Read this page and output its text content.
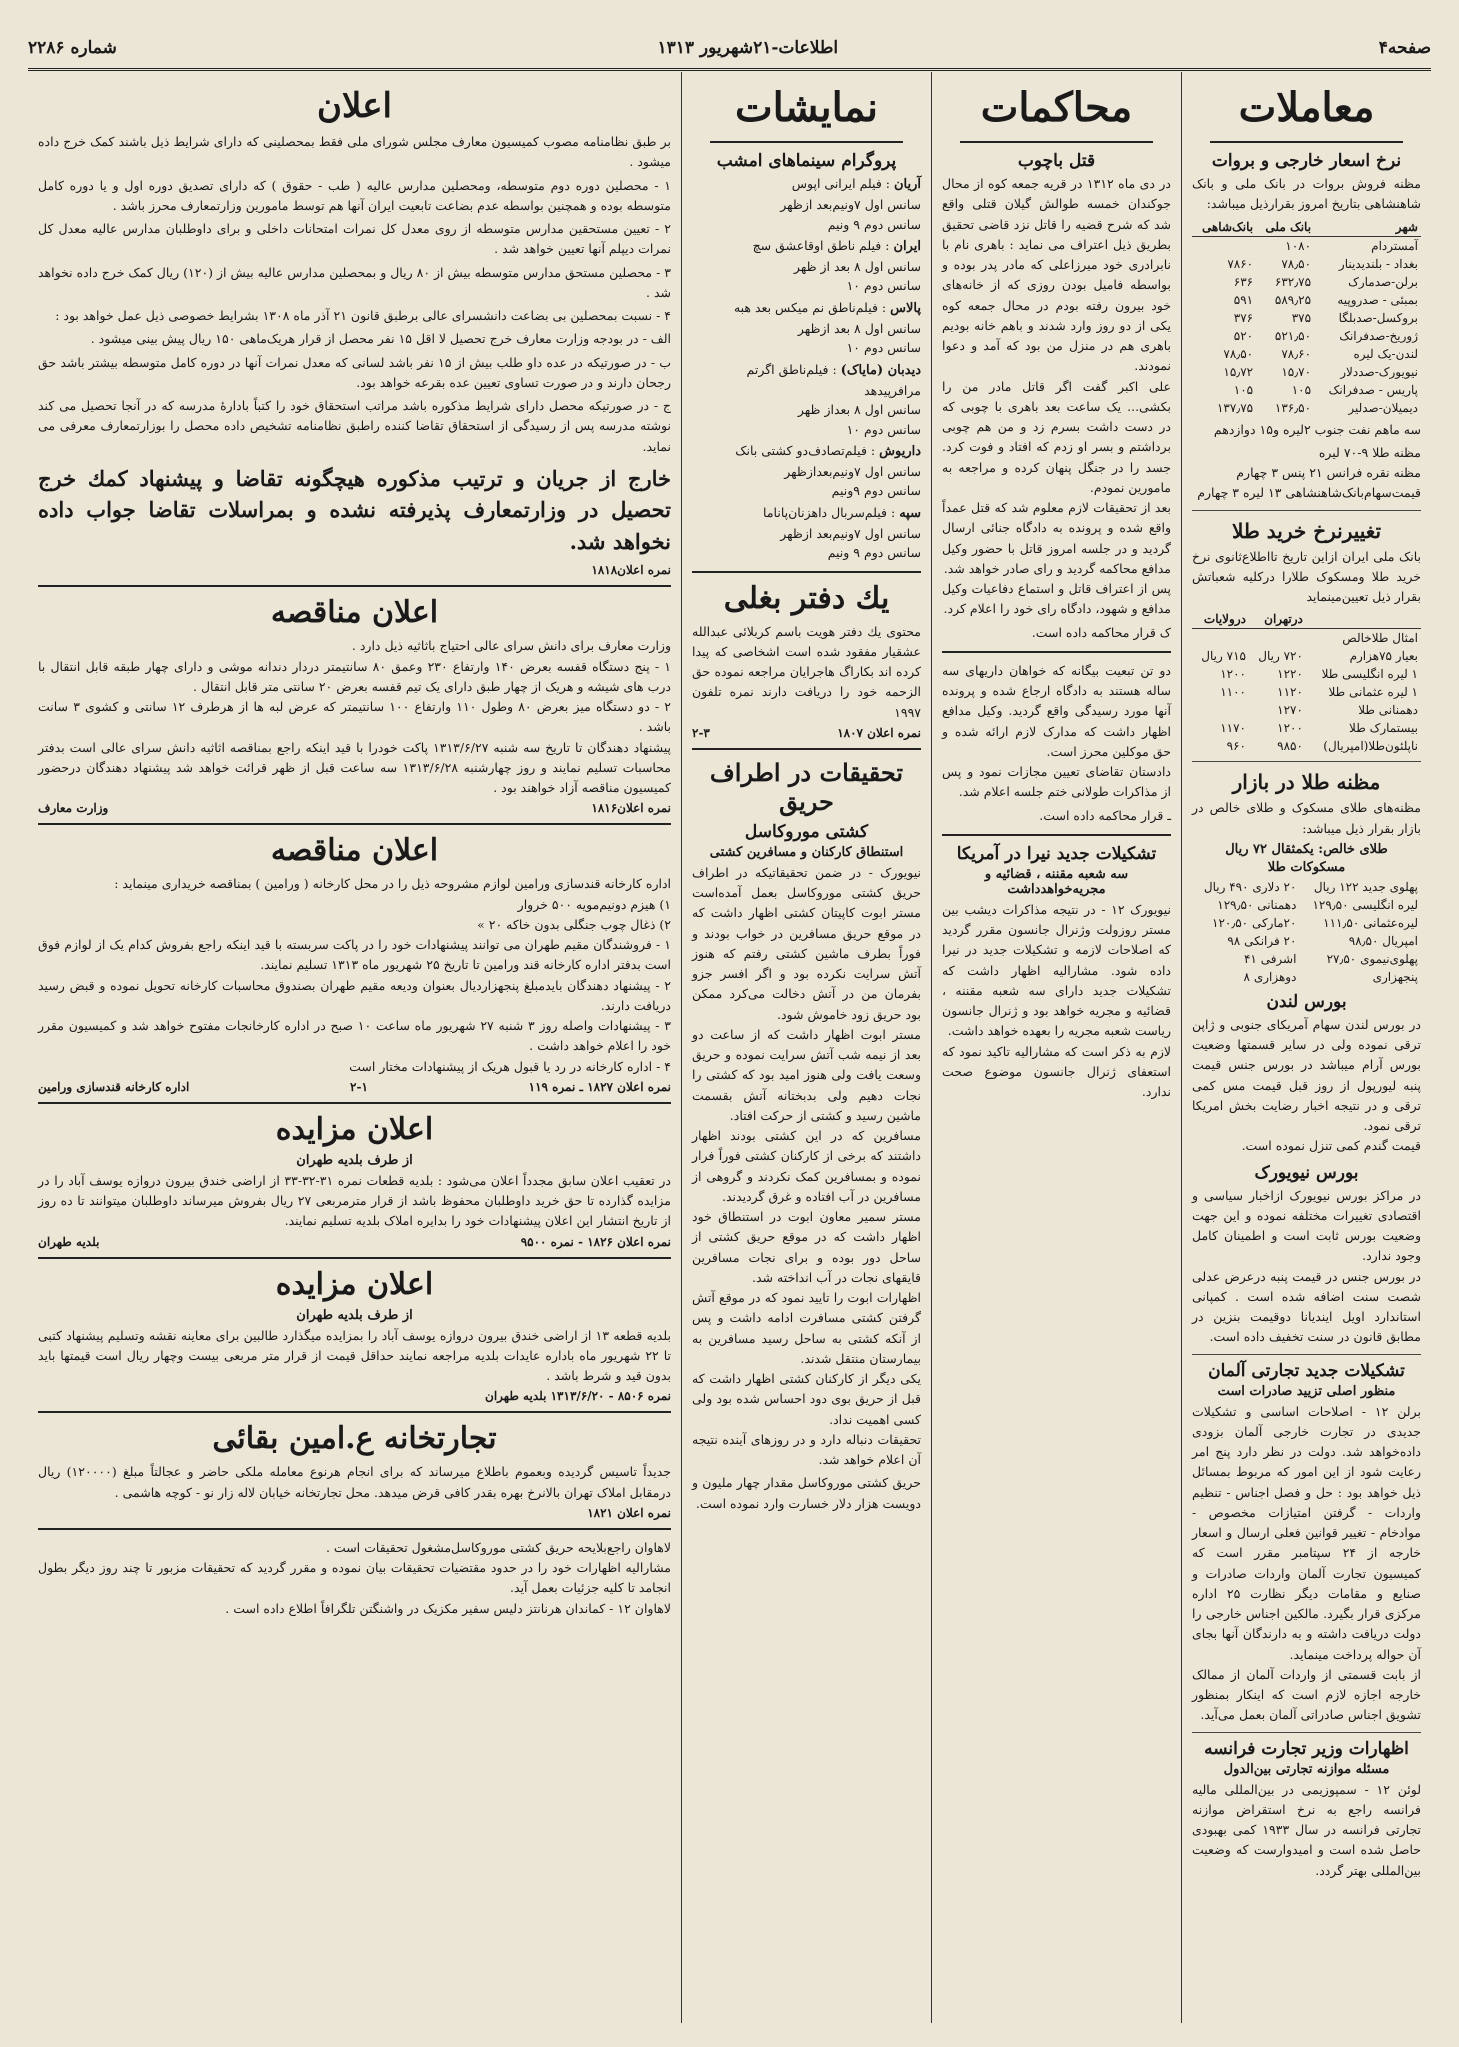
صفحه۴
اطلاعات-۲۱شهریور ۱۳۱۳
شماره ۲۲۸۶
معاملات
نرخ اسعار خارجی و بروات
مظنه فروش بروات در بانک ملی و بانک شاهنشاهی بتاریخ امروز بقرارذیل میباشد:
شهر	بانک ملی	بانک‌شاهی
آمستردام	۱۰۸۰	
بغداد - بلندیدینار	۷۸٫۵۰	۷۸۶۰
برلن-صدمارک	۶۳۲٫۷۵	۶۳۶
بمبئی - صدروپیه	۵۸۹٫۲۵	۵۹۱
بروکسل-صدبلگا	۳۷۵	۳۷۶
ژوریخ-صدفرانک	۵۲۱٫۵۰	۵۲۰
لندن-یک لیره	۷۸٫۶۰	۷۸٫۵۰
نیویورک-صددلار	۱۵٫۷۰	۱۵٫۷۲
پاریس - صدفرانک	۱۰۵	۱۰۵
دیمیلان-صدلیر	۱۳۶٫۵۰	۱۳۷٫۷۵
سه ماهم نفت جنوب ۲لیره و۱۵ دوازدهم
مظنه طلا ۹-۷۰ لیره
مظنه نقره فرانس ۲۱ پنس ۳ چهارم
قیمت‌سهام‌بانک‌شاهنشاهی ۱۳ لیره ۳ چهارم
تغییرنرخ خرید طلا
بانک ملی ایران ازاین تاریخ تااطلاع‌ثانوی نرخ خرید طلا ومسکوک طلارا درکلیه شعباتش بقرار ذیل تعیین‌مینماید
	درتهران	درولایات
امثال طلاخالص		
بعیار ۷۵هزارم	۷۲۰ ریال	۷۱۵ ریال
۱ لیره انگلیسی طلا	۱۲۲۰	۱۲۰۰
۱ لیره عثمانی طلا	۱۱۲۰	۱۱۰۰
دهمنانی طلا	۱۲۷۰	
بیستمارک طلا	۱۲۰۰	۱۱۷۰
ناپلئون‌طلا(امپریال)	۹۸۵۰	۹۶۰
مظنه طلا در بازار
مظنه‌های طلای مسکوک و طلای خالص در بازار بقرار ذیل میباشد:
طلای خالص: یکمثقال ۷۲ ریال
مسکوکات طلا
پهلوی جدید ۱۲۲ ریال	۲۰ دلاری ۴۹۰ ریال
لیره انگلیسی ۱۲۹٫۵۰	دهمنانی ۱۲۹٫۵۰
لیره‌عثمانی ۱۱۱٫۵۰	۲۰مارکی ۱۲۰٫۵۰
امپریال ۹۸٫۵۰	۲۰ فرانکی ۹۸
پهلوی‌نیموی ۲۷٫۵۰	اشرفی ۴۱
پنجهزاری	دوهزاری ۸
بورس لندن
در بورس لندن سهام آمریکای جنوبی و ژاپن ترقی نموده ولی در سایر قسمتها وضعیت بورس آرام میباشد در بورس جنس قیمت پنبه لیورپول از روز قبل قیمت مس کمی ترقی و در نتیجه اخبار رضایت بخش امریکا ترقی نمود.
قیمت گندم کمی تنزل نموده است.
بورس نیویورک
در مراکز بورس نیویورک ازاخبار سیاسی و اقتصادی تغییرات مختلفه نموده و این جهت وضعیت بورس ثابت است و اطمینان کامل وجود ندارد.
در بورس جنس در قیمت پنبه درعرض عدلی شصت سنت اضافه شده است . کمپانی استاندارد اویل ایندیانا دوقیمت بنزین در مطابق قانون در سنت تخفیف داده است.
تشکیلات جدید تجارتی آلمان
منظور اصلی تزیید صادرات است
برلن ۱۲ - اصلاحات اساسی و تشکیلات جدیدی در تجارت خارجی آلمان بزودی داده‌خواهد شد. دولت در نظر دارد پنج امر رعایت شود از این امور که مربوط بمسائل ذیل خواهد بود : حل و فصل اجناس - تنظیم واردات - گرفتن امتیازات مخصوص - مواد‌خام - تغییر قوانین فعلی ارسال و اسعار خارجه از ۲۴ سپتامبر مقرر است که کمیسیون تجارت آلمان واردات صادرات و صنایع و مقامات دیگر نظارت ۲۵ اداره مرکزی قرار بگیرد. مالکین اجناس خارجی را دولت دریافت داشته و به دارندگان آنها بجای آن حواله پرداخت مینماید.
از بابت قسمتی از واردات آلمان از ممالک خارجه اجازه لازم است که اینکار بمنظور تشویق اجناس صادراتی آلمان بعمل می‌آید.
اظهارات وزیر تجارت فرانسه
مسئله موازنه تجارتی بین‌الدول
لوئن ۱۲ - سمپوزیمی در بین‌المللی مالیه فرانسه راجع به نرخ استقراض موازنه تجارتی فرانسه در سال ۱۹۳۳ کمی بهبودی حاصل شده است و امیدوارست که وضعیت بین‌المللی بهتر گردد.
محاکمات
قتل باچوب
در دی ماه ۱۳۱۲ در قریه جمعه کوه از محال جوکندان خمسه طوالش گیلان قتلی واقع شد که شرح قضیه را قاتل نزد قاضی تحقیق بطریق ذیل اعتراف می نماید : باهری نام با نابرادری خود میرزاعلی که مادر پدر بوده و بواسطه فامیل بودن روزی که از خانه‌های خود بیرون رفته بودم در محال جمعه کوه یکی از دو روز وارد شدند و باهم خانه بودیم باهری هم در منزل من بود که آمد و دعوا نمودند.
علی اکبر گفت اگر قاتل مادر من را بکشی... یک ساعت بعد باهری با چوبی که در دست داشت بسرم زد و من هم چوبی برداشتم و بسر او زدم که افتاد و فوت کرد. جسد را در جنگل پنهان کرده و مراجعه به مامورین نمودم.
بعد از تحقیقات لازم معلوم شد که قتل عمداً واقع شده و پرونده به دادگاه جنائی ارسال گردید و در جلسه امروز قاتل با حضور وکیل مدافع محاکمه گردید و رای صادر خواهد شد.
پس از اعتراف قاتل و استماع دفاعیات وکیل مدافع و شهود، دادگاه رای خود را اعلام کرد.
ک قرار محاکمه داده است.
دو تن تبعیت بیگانه که خواهان داریهای سه ساله هستند به دادگاه ارجاع شده و پرونده آنها مورد رسیدگی واقع گردید. وکیل مدافع اظهار داشت که مدارک لازم ارائه شده و حق موکلین محرز است.
دادستان تقاضای تعیین مجازات نمود و پس از مذاکرات طولانی ختم جلسه اعلام شد.
ـ قرار محاکمه داده است.
تشکیلات جدید نیرا در آمریکا
سه شعبه مقننه ، قضائیه و مجریه‌خواهدداشت
نیویورک ۱۲ - در نتیجه مذاکرات دیشب بین مستر روزولت وژنرال جانسون مقرر گردید که اصلاحات لازمه و تشکیلات جدید در نیرا داده شود. مشارالیه اظهار داشت که تشکیلات جدید دارای سه شعبه مقننه ، قضائیه و مجریه خواهد بود و ژنرال جانسون ریاست شعبه مجریه را بعهده خواهد داشت.
لازم به ذکر است که مشارالیه تاکید نمود که استعفای ژنرال جانسون موضوع صحت ندارد.
نمایشات
پروگرام سینماهای امشب
آریان : فیلم ایرانی اپوس
سانس اول ۷ونیم‌بعد ازظهر
سانس دوم ۹ ونیم
ایران : فیلم ناطق اوقاعشق سچ
سانس اول ۸ بعد از ظهر
سانس دوم ۱۰
پالاس : فیلم‌ناطق نم میکس بعد هبه
سانس اول ۸ بعد ازظهر
سانس دوم ۱۰
دیدبان (مایاک) : فیلم‌ناطق اگرتم مرافرپیدهد
سانس اول ۸ بعداز ظهر
سانس دوم ۱۰
داریوش : فیلم‌تصادف‌دو کشتی بانک
سانس اول ۷ونیم‌بعدازظهر
سانس دوم ۹ونیم
سپه : فیلم‌سربال داهزنان‌پاناما
سانس اول ۷ونیم‌بعد ازظهر
سانس دوم ۹ ونیم
یك دفتر بغلی
محتوی یك دفتر هویت باسم کربلائی عبدالله عشقیار مفقود شده است اشخاصی که پیدا کرده اند بکاراگ هاجرایان مراجعه نموده حق الزحمه خود را دریافت دارند نمره تلفون ۱۹۹۷
نمره اعلان ۱۸۰۷
۲-۳
تحقیقات در اطراف حریق
کشتی موروکاسل
استنطاق کارکنان و مسافرین کشتی
نیویورک - در ضمن تحقیقاتیکه در اطراف حریق کشتی موروکاسل بعمل آمده‌است مستر ابوت کاپیتان کشتی اظهار داشت که در موقع حریق مسافرین در خواب بودند و فوراً بطرف ماشین کشتی رفتم که هنوز آتش سرایت نکرده بود و اگر افسر جزو بفرمان من در آتش دخالت می‌کرد ممکن بود حریق زود خاموش شود.
مستر ابوت اظهار داشت که از ساعت دو بعد از نیمه شب آتش سرایت نموده و حریق وسعت یافت ولی هنوز امید بود که کشتی را نجات دهیم ولی بدبختانه آتش بقسمت ماشین رسید و کشتی از حرکت افتاد.
مسافرین که در این کشتی بودند اظهار داشتند که برخی از کارکنان کشتی فوراً فرار نموده و بمسافرین کمک نکردند و گروهی از مسافرین در آب افتاده و غرق گردیدند.
مستر سمیر معاون ابوت در استنطاق خود اظهار داشت که در موقع حریق کشتی از ساحل دور بوده و برای نجات مسافرین قایقهای نجات در آب انداخته شد.
اظهارات ابوت را تایید نمود که در موقع آتش گرفتن کشتی مسافرت ادامه داشت و پس از آنکه کشتی به ساحل رسید مسافرین به بیمارستان منتقل شدند.
یکی دیگر از کارکنان کشتی اظهار داشت که قبل از حریق بوی دود احساس شده بود ولی کسی اهمیت نداد.
تحقیقات دنباله دارد و در روزهای آینده نتیجه آن اعلام خواهد شد.
حریق کشتی موروکاسل مقدار چهار ملیون و دویست هزار دلار خسارت وارد نموده است.
اعلان
بر طبق نظامنامه مصوب کمیسیون معارف مجلس شورای ملی فقط بمحصلینی که دارای شرایط ذیل باشند کمک خرج داده میشود .
۱ - محصلین دوره دوم متوسطه، ومحصلین مدارس عالیه ( طب - حقوق ) که دارای تصدیق دوره اول و یا دوره کامل متوسطه بوده و همچنین بواسطه عدم بضاعت تابعیت ایران آنها هم توسط مامورین وزارتمعارف محرز باشد .
۲ - تعیین مستحقین مدارس متوسطه از روی معدل کل نمرات امتحانات داخلی و برای داوطلبان مدارس عالیه معدل کل نمرات دیپلم آنها تعیین خواهد شد .
۳ - محصلین مستحق مدارس متوسطه بیش از ۸۰ ریال و بمحصلین مدارس عالیه بیش از (۱۲۰) ریال کمک خرج داده نخواهد شد .
۴ - نسبت بمحصلین بی بضاعت دانشسرای عالی برطبق قانون ۲۱ آذر ماه ۱۳۰۸ بشرایط خصوصی ذیل عمل خواهد بود :
الف - در بودجه وزارت معارف خرج تحصیل لا اقل ۱۵ نفر محصل از قرار هریک‌ماهی ۱۵۰ ریال پیش بینی میشود .
ب - در صورتیکه در عده داو طلب بیش از ۱۵ نفر باشد لسانی که معدل نمرات آنها در دوره کامل متوسطه بیشتر باشد حق رجحان دارند و در صورت تساوی تعیین عده بقرعه خواهد بود.
ج - در صورتیکه محصل دارای شرایط مذکوره باشد مراتب استحقاق خود را کتباً بادارهٔ مدرسه که در آنجا تحصیل می کند نوشته مدرسه پس از رسیدگی از استحقاق تقاضا کننده راطبق نظامنامه تشخیص داده محصل را بوزارتمعارف معرفی می نماید.
خارج از جریان و ترتیب مذکوره هیچگونه تقاضا و پیشنهاد کمك خرج تحصیل در وزارتمعارف پذیرفته نشده و بمراسلات تقاضا جواب داده نخواهد شد.
نمره اعلان۱۸۱۸
اعلان مناقصه
وزارت معارف برای دانش سرای عالی احتیاج باثاثیه ذیل دارد .
۱ - پنج دستگاه قفسه بعرض ۱۴۰ وارتفاع ۲۳۰ وعمق ۸۰ سانتیمتر دردار دندانه موشی و دارای چهار طبقه قابل انتقال با درب های شیشه و هریک از چهار طبق دارای یک تیم قفسه بعرض ۲۰ سانتی متر قابل انتقال .
۲ - دو دستگاه میز بعرض ۸۰ وطول ۱۱۰ وارتفاع ۱۰۰ سانتیمتر که عرض لبه ها از هرطرف ۱۲ سانتی و کشوی ۳ سانت باشد .
پیشنهاد دهندگان تا تاریخ سه شنبه ۱۳۱۳/۶/۲۷ پاکت خودرا با قید اینکه راجع بمناقصه اثاثیه دانش سرای عالی است بدفتر محاسبات تسلیم نمایند و روز چهارشنبه ۱۳۱۳/۶/۲۸ سه ساعت قبل از ظهر قرائت خواهد شد پیشنهاد دهندگان درحضور کمیسیون مناقصه آزاد خواهند بود .
نمره اعلان۱۸۱۶
وزارت معارف
اعلان مناقصه
اداره کارخانه قندسازی ورامین لوازم مشروحه ذیل را در محل کارخانه ( ورامین ) بمناقصه خریداری مینماید :
۱) هیزم دونیم‌مویه ۵۰۰ خروار
۲) ذغال چوب جنگلی بدون خاکه ۲۰ »
۱ - فروشندگان مقیم طهران می توانند پیشنهادات خود را در پاکت سربسته با قید اینکه راجع بفروش کدام یک از لوازم فوق است بدفتر اداره کارخانه قند ورامین تا تاریخ ۲۵ شهریور ماه ۱۳۱۳ تسلیم نمایند.
۲ - پیشنهاد دهندگان بایدمبلغ پنجهزاردیال بعنوان ودیعه مقیم طهران بصندوق محاسبات کارخانه تحویل نموده و قبض رسید دریافت دارند.
۳ - پیشنهادات واصله روز ۳ شنبه ۲۷ شهریور ماه ساعت ۱۰ صبح در اداره کارخانجات مفتوح خواهد شد و کمیسیون مقرر خود را اعلام خواهد داشت .
۴ - اداره کارخانه در رد یا قبول هریک از پیشنهادات مختار است
نمره اعلان ۱۸۲۷ ـ نمره ۱۱۹
۲-۱
اداره کارخانه قندسازی ورامین
اعلان مزایده
از طرف بلدیه طهران
در تعقیب اعلان سابق مجدداً اعلان می‌شود : بلدیه قطعات نمره ۳۱-۳۲-۳۳ از اراضی خندق بیرون دروازه یوسف آباد را در مزایده گذارده تا حق خرید داوطلبان محفوظ باشد از قرار مترمربعی ۲۷ ریال بفروش میرساند داوطلبان میتوانند تا ده روز از تاریخ انتشار این اعلان پیشنهادات خود را بدایره املاک بلدیه تسلیم نمایند.
نمره اعلان ۱۸۲۶ - نمره ۹۵۰۰
بلدیه طهران
اعلان مزایده
از طرف بلدیه طهران
بلدیه قطعه ۱۳ از اراضی خندق بیرون دروازه یوسف آباد را بمزایده میگذارد طالبین برای معاینه نقشه وتسلیم پیشنهاد کتبی تا ۲۲ شهریور ماه باداره عایدات بلدیه مراجعه نمایند حداقل قیمت از قرار متر مربعی بیست وچهار ریال است قیمتها باید بدون قید و شرط باشد .
نمره ۸۵۰۶ - ۱۳۱۳/۶/۲۰ بلدیه طهران
تجارتخانه ع.امین بقائی
جدیداً تاسیس گردیده وبعموم باطلاع میرساند که برای انجام هرنوع معامله ملکی حاضر و عجالتاً مبلغ (۱۲۰۰۰۰) ریال درمقابل املاک تهران بالانرخ بهره بقدر کافی قرض میدهد. محل تجارتخانه خیابان لاله زار نو - کوچه هاشمی .
نمره اعلان ۱۸۲۱
لاهاوان راجع‌بلایحه حریق کشتی موروکاسل‌مشغول تحقیقات است .
مشارالیه اظهارات خود را در حدود مقتضیات تحقیقات بیان نموده و مقرر گردید که تحقیقات مزبور تا چند روز دیگر بطول انجامد تا کلیه جزئیات بعمل آید.
لاهاوان ۱۲ - کماندان هرنانتز دلیس سفیر مکزیک در واشنگتن تلگرافاً اطلاع داده است .
